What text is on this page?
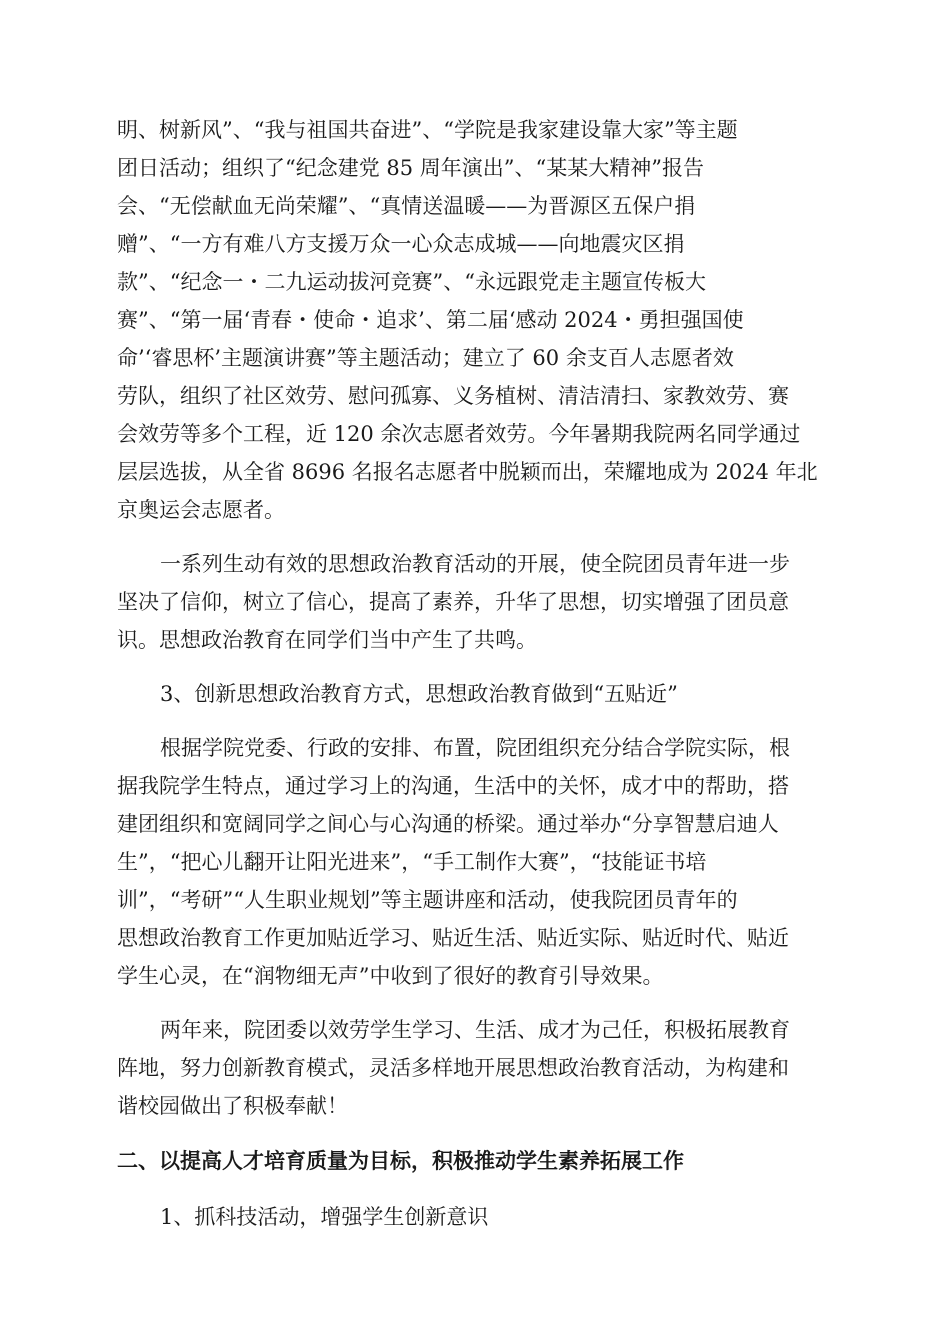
明、树新风”、“我与祖国共奋进”、“学院是我家建设靠大家”等主题
团日活动；组织了“纪念建党 85 周年演出”、“某某大精神”报告
会、“无偿献血无尚荣耀”、“真情送温暖——为晋源区五保户捐
赠”、“一方有难八方支援万众一心众志成城——向地震灾区捐
款”、“纪念一・二九运动拔河竞赛”、“永远跟党走主题宣传板大
赛”、“第一届‘青春・使命・追求’、第二届‘感动 2024・勇担强国使
命’‘睿思杯’主题演讲赛”等主题活动；建立了 60 余支百人志愿者效
劳队，组织了社区效劳、慰问孤寡、义务植树、清洁清扫、家教效劳、赛
会效劳等多个工程，近 120 余次志愿者效劳。今年暑期我院两名同学通过
层层选拔，从全省 8696 名报名志愿者中脱颖而出，荣耀地成为 2024 年北
京奥运会志愿者。
一系列生动有效的思想政治教育活动的开展，使全院团员青年进一步
坚决了信仰，树立了信心，提高了素养，升华了思想，切实增强了团员意
识。思想政治教育在同学们当中产生了共鸣。
3、创新思想政治教育方式，思想政治教育做到“五贴近”
根据学院党委、行政的安排、布置，院团组织充分结合学院实际，根
据我院学生特点，通过学习上的沟通，生活中的关怀，成才中的帮助，搭
建团组织和宽阔同学之间心与心沟通的桥梁。通过举办“分享智慧启迪人
生”，“把心儿翻开让阳光进来”，“手工制作大赛”，“技能证书培
训”，“考研”“人生职业规划”等主题讲座和活动，使我院团员青年的
思想政治教育工作更加贴近学习、贴近生活、贴近实际、贴近时代、贴近
学生心灵，在“润物细无声”中收到了很好的教育引导效果。
两年来，院团委以效劳学生学习、生活、成才为己任，积极拓展教育
阵地，努力创新教育模式，灵活多样地开展思想政治教育活动，为构建和
谐校园做出了积极奉献！
二、以提高人才培育质量为目标，积极推动学生素养拓展工作
1、抓科技活动，增强学生创新意识
